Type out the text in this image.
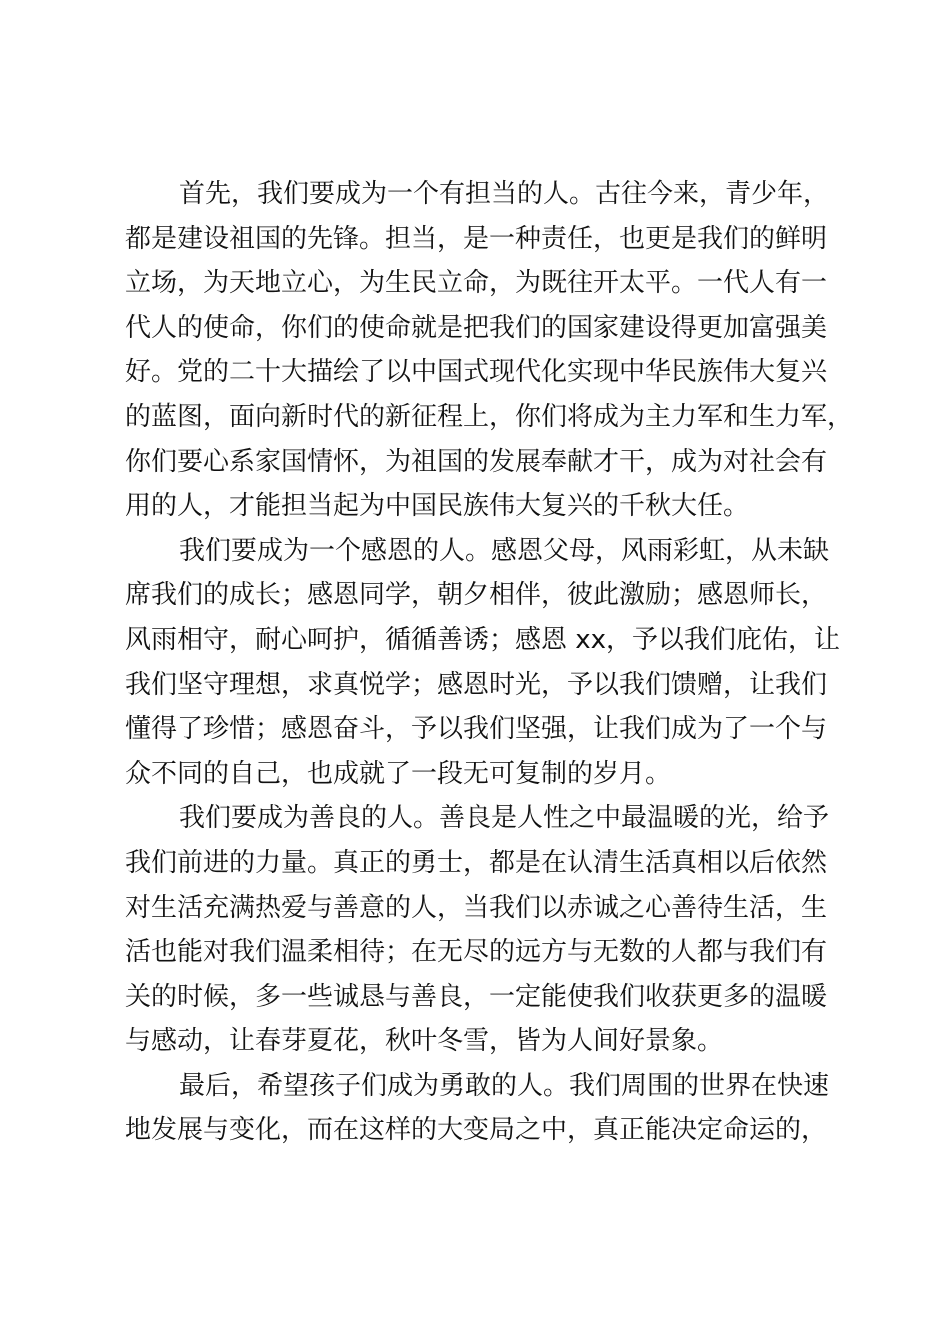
首先，我们要成为一个有担当的人。古往今来，青少年，
都是建设祖国的先锋。担当，是一种责任，也更是我们的鲜明
立场，为天地立心，为生民立命，为既往开太平。一代人有一
代人的使命，你们的使命就是把我们的国家建设得更加富强美
好。党的二十大描绘了以中国式现代化实现中华民族伟大复兴
的蓝图，面向新时代的新征程上，你们将成为主力军和生力军，
你们要心系家国情怀，为祖国的发展奉献才干，成为对社会有
用的人，才能担当起为中国民族伟大复兴的千秋大任。
我们要成为一个感恩的人。感恩父母，风雨彩虹，从未缺
席我们的成长；感恩同学，朝夕相伴，彼此激励；感恩师长，
风雨相守，耐心呵护，循循善诱；感恩 xx，予以我们庇佑，让
我们坚守理想，求真悦学；感恩时光，予以我们馈赠，让我们
懂得了珍惜；感恩奋斗，予以我们坚强，让我们成为了一个与
众不同的自己，也成就了一段无可复制的岁月。
我们要成为善良的人。善良是人性之中最温暖的光，给予
我们前进的力量。真正的勇士，都是在认清生活真相以后依然
对生活充满热爱与善意的人，当我们以赤诚之心善待生活，生
活也能对我们温柔相待；在无尽的远方与无数的人都与我们有
关的时候，多一些诚恳与善良，一定能使我们收获更多的温暖
与感动，让春芽夏花，秋叶冬雪，皆为人间好景象。
最后，希望孩子们成为勇敢的人。我们周围的世界在快速
地发展与变化，而在这样的大变局之中，真正能决定命运的，
